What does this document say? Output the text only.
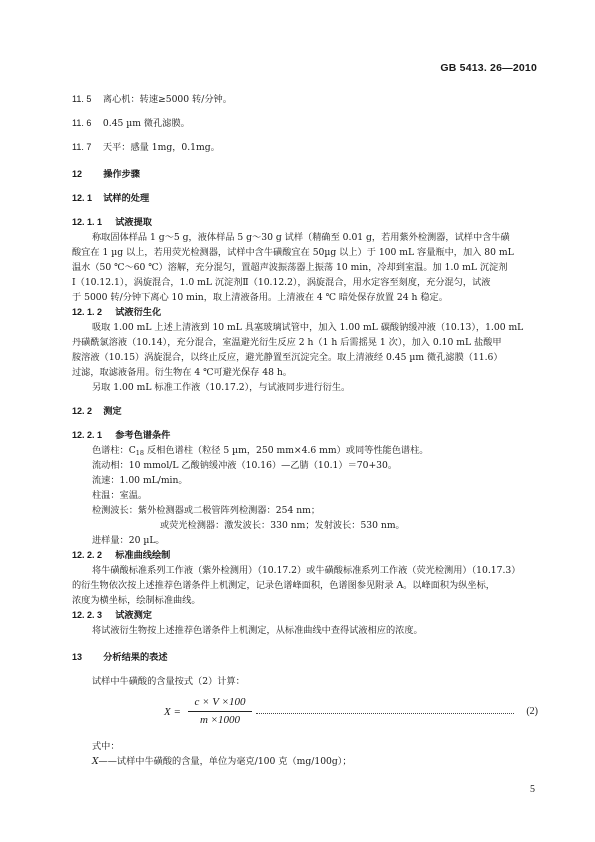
GB 5413. 26—2010
11. 5 离心机：转速≥5000 转/分钟。
11. 6 0.45 µm 微孔滤膜。
11. 7 天平：感量 1mg，0.1mg。
12 操作步骤
12. 1 试样的处理
12. 1. 1 试液提取
称取固体样品 1 g～5 g，液体样品 5 g～30 g 试样（精确至 0.01 g，若用紫外检测器，试样中含牛磺
酸宜在 1 µg 以上，若用荧光检测器，试样中含牛磺酸宜在 50µg 以上）于 100 mL 容量瓶中，加入 80 mL
温水（50 ℃～60 ℃）溶解，充分混匀，置超声波振荡器上振荡 10 min，冷却到室温。加 1.0 mL 沉淀剂
Ⅰ（10.12.1），涡旋混合，1.0 mL 沉淀剂Ⅱ（10.12.2），涡旋混合，用水定容至刻度，充分混匀，试液
于 5000 转/分钟下离心 10 min，取上清液备用。上清液在 4 ℃ 暗处保存放置 24 h 稳定。
12. 1. 2 试液衍生化
吸取 1.00 mL 上述上清液到 10 mL 具塞玻璃试管中，加入 1.00 mL 碳酸钠缓冲液（10.13），1.00 mL
丹磺酰氯溶液（10.14），充分混合，室温避光衍生反应 2 h（1 h 后需摇晃 1 次），加入 0.10 mL 盐酸甲
胺溶液（10.15）涡旋混合，以终止反应，避光静置至沉淀完全。取上清液经 0.45 µm 微孔滤膜（11.6）
过滤，取滤液备用。衍生物在 4 ℃可避光保存 48 h。
另取 1.00 mL 标准工作液（10.17.2），与试液同步进行衍生。
12. 2 测定
12. 2. 1 参考色谱条件
色谱柱：$C_{18}$ 反相色谱柱（粒径 5 µm，250 mm×4.6 mm）或同等性能色谱柱。
流动相：10 mmol/L 乙酸钠缓冲液（10.16）—乙腈（10.1）＝70+30。
流速：1.00 mL/min。
柱温：室温。
检测波长：紫外检测器或二极管阵列检测器：254 nm；
或荧光检测器：激发波长：330 nm；发射波长：530 nm。
进样量：20 µL。
12. 2. 2 标准曲线绘制
将牛磺酸标准系列工作液（紫外检测用）（10.17.2）或牛磺酸标准系列工作液（荧光检测用）（10.17.3）
的衍生物依次按上述推荐色谱条件上机测定，记录色谱峰面积，色谱图参见附录 A。以峰面积为纵坐标，
浓度为横坐标，绘制标准曲线。
12. 2. 3 试液测定
将试液衍生物按上述推荐色谱条件上机测定，从标准曲线中查得试液相应的浓度。
13 分析结果的表述
试样中牛磺酸的含量按式（2）计算：
X =
c × V ×100
m ×1000
(2)
式中：
X——试样中牛磺酸的含量，单位为毫克/100 克（mg/100g）；
5
